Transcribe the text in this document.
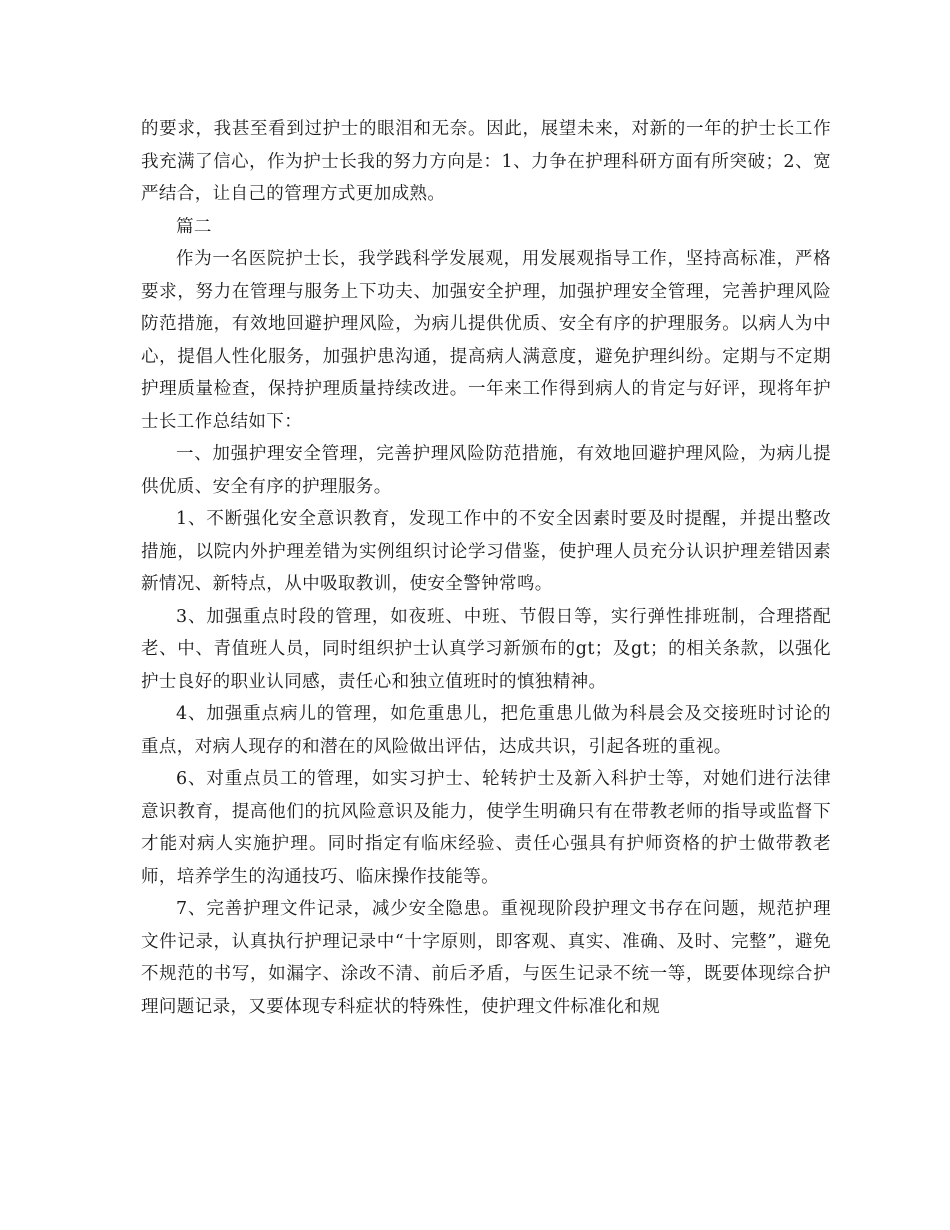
的要求，我甚至看到过护士的眼泪和无奈。因此，展望未来，对新的一年的护士长工作我充满了信心，作为护士长我的努力方向是：1、力争在护理科研方面有所突破；2、宽严结合，让自己的管理方式更加成熟。

篇二

作为一名医院护士长，我学践科学发展观，用发展观指导工作，坚持高标准，严格要求，努力在管理与服务上下功夫、加强安全护理，加强护理安全管理，完善护理风险防范措施，有效地回避护理风险，为病儿提供优质、安全有序的护理服务。以病人为中心，提倡人性化服务，加强护患沟通，提高病人满意度，避免护理纠纷。定期与不定期护理质量检查，保持护理质量持续改进。一年来工作得到病人的肯定与好评，现将年护士长工作总结如下：

一、加强护理安全管理，完善护理风险防范措施，有效地回避护理风险，为病儿提供优质、安全有序的护理服务。

1、不断强化安全意识教育，发现工作中的不安全因素时要及时提醒，并提出整改措施，以院内外护理差错为实例组织讨论学习借鉴，使护理人员充分认识护理差错因素新情况、新特点，从中吸取教训，使安全警钟常鸣。

3、加强重点时段的管理，如夜班、中班、节假日等，实行弹性排班制，合理搭配老、中、青值班人员，同时组织护士认真学习新颁布的gt；及gt；的相关条款，以强化护士良好的职业认同感，责任心和独立值班时的慎独精神。

4、加强重点病儿的管理，如危重患儿，把危重患儿做为科晨会及交接班时讨论的重点，对病人现存的和潜在的风险做出评估，达成共识，引起各班的重视。

6、对重点员工的管理，如实习护士、轮转护士及新入科护士等，对她们进行法律意识教育，提高他们的抗风险意识及能力，使学生明确只有在带教老师的指导或监督下才能对病人实施护理。同时指定有临床经验、责任心强具有护师资格的护士做带教老师，培养学生的沟通技巧、临床操作技能等。

7、完善护理文件记录，减少安全隐患。重视现阶段护理文书存在问题，规范护理文件记录，认真执行护理记录中“十字原则，即客观、真实、准确、及时、完整”，避免不规范的书写，如漏字、涂改不清、前后矛盾，与医生记录不统一等，既要体现综合护理问题记录，又要体现专科症状的特殊性，使护理文件标准化和规
